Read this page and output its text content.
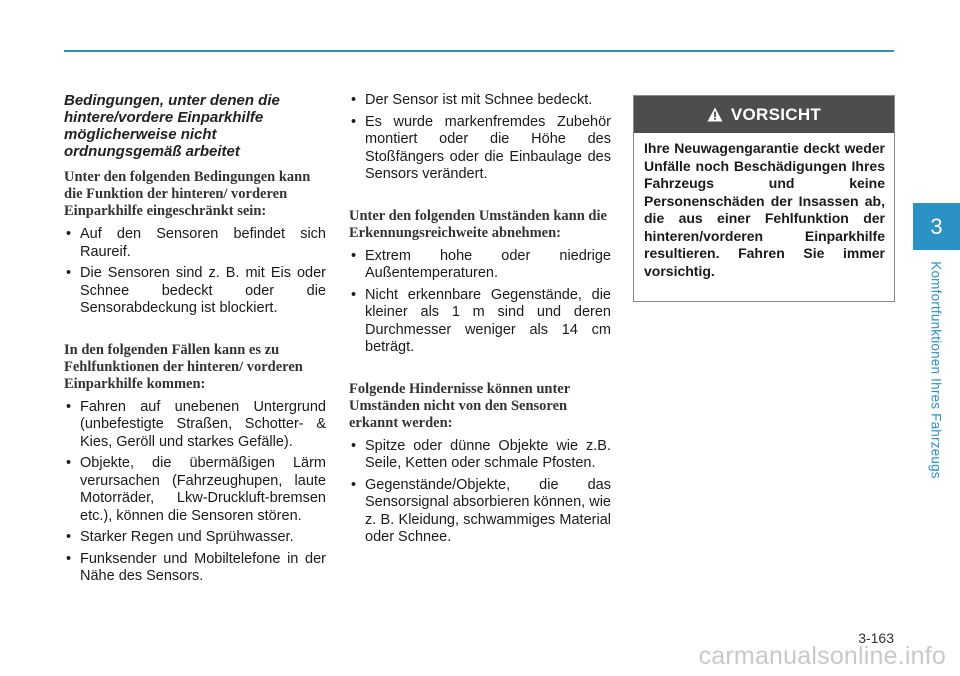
Bedingungen, unter denen die hintere/vordere Einparkhilfe möglicherweise nicht ordnungsgemäß arbeitet
Unter den folgenden Bedingungen kann die Funktion der hinteren/ vorderen Einparkhilfe eingeschränkt sein:
• Auf den Sensoren befindet sich Raureif.
• Die Sensoren sind z. B. mit Eis oder Schnee bedeckt oder die Sensorabdeckung ist blockiert.
In den folgenden Fällen kann es zu Fehlfunktionen der hinteren/ vorderen Einparkhilfe kommen:
• Fahren auf unebenen Untergrund (unbefestigte Straßen, Schotter- & Kies, Geröll und starkes Gefälle).
• Objekte, die übermäßigen Lärm verursachen (Fahrzeughupen, laute Motorräder, Lkw-Druckluft-bremsen etc.), können die Sensoren stören.
• Starker Regen und Sprühwasser.
• Funksender und Mobiltelefone in der Nähe des Sensors.
• Der Sensor ist mit Schnee bedeckt.
• Es wurde markenfremdes Zubehör montiert oder die Höhe des Stoßfängers oder die Einbaulage des Sensors verändert.
Unter den folgenden Umständen kann die Erkennungsreichweite abnehmen:
• Extrem hohe oder niedrige Außentemperaturen.
• Nicht erkennbare Gegenstände, die kleiner als 1 m sind und deren Durchmesser weniger als 14 cm beträgt.
Folgende Hindernisse können unter Umständen nicht von den Sensoren erkannt werden:
• Spitze oder dünne Objekte wie z.B. Seile, Ketten oder schmale Pfosten.
• Gegenstände/Objekte, die das Sensorsignal absorbieren können, wie z. B. Kleidung, schwammiges Material oder Schnee.
VORSICHT
Ihre Neuwagengarantie deckt weder Unfälle noch Beschädigungen Ihres Fahrzeugs und keine Personenschäden der Insassen ab, die aus einer Fehlfunktion der hinteren/vorderen Einparkhilfe resultieren. Fahren Sie immer vorsichtig.
3
Komfortfunktionen Ihres Fahrzeugs
3-163
carmanualsonline.info
